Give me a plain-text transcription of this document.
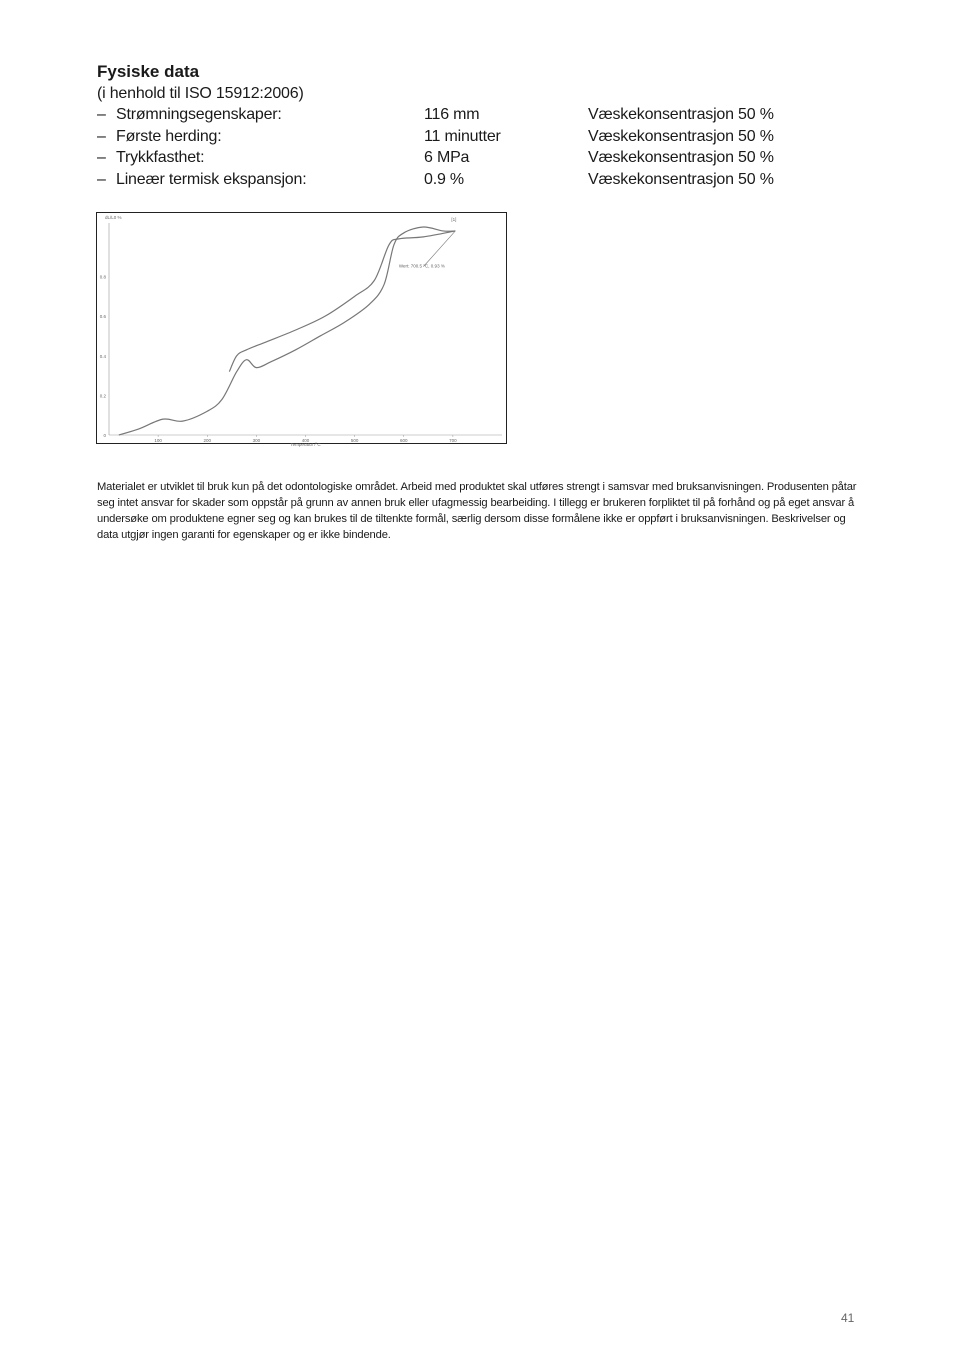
Fysiske data
(i henhold til ISO 15912:2006)
– Strømningsegenskaper:	116 mm	Væskekonsentrasjon 50 %
– Første herding:	11 minutter	Væskekonsentrasjon 50 %
– Trykkfasthet:	6 MPa	Væskekonsentrasjon 50 %
– Lineær termisk ekspansjon:	0.9 %	Væskekonsentrasjon 50 %
dL/L0 %
0
0.2
0.4
0.6
0.8
100	200	300	400	500	600	700
Temperatur /°C
Wert: 700.5 °C, 0.93 %
[1]

Materialet er utviklet til bruk kun på det odontologiske området. Arbeid med produktet skal utføres strengt i samsvar med bruksanvisningen. Produsenten påtar seg intet ansvar for skader som oppstår på grunn av annen bruk eller ufagmessig bearbeiding. I tillegg er brukeren forpliktet til på forhånd og på eget ansvar å undersøke om produktene egner seg og kan brukes til de tiltenkte formål, særlig dersom disse formålene ikke er oppført i bruksanvisningen. Beskrivelser og data utgjør ingen garanti for egenskaper og er ikke bindende.

41
